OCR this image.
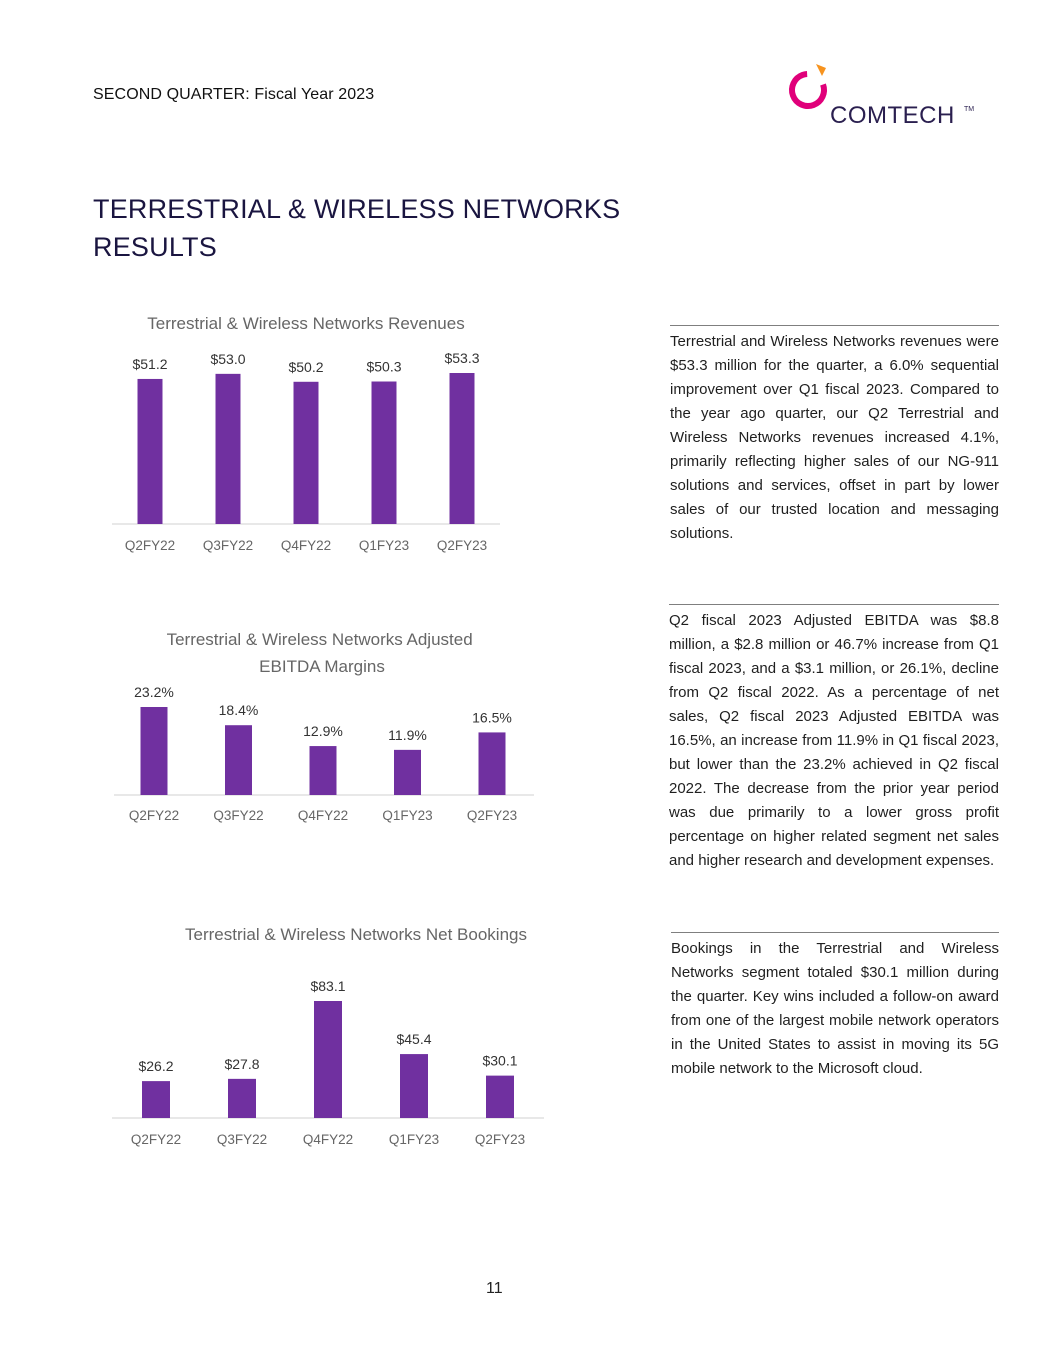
SECOND QUARTER: Fiscal Year 2023
COMTECH TM
TERRESTRIAL & WIRELESS NETWORKS RESULTS
Terrestrial & Wireless Networks Revenues
$51.2
Q2FY22
$53.0
Q3FY22
$50.2
Q4FY22
$50.3
Q1FY23
$53.3
Q2FY23
Terrestrial & Wireless Networks Adjusted EBITDA Margins
23.2%
Q2FY22
18.4%
Q3FY22
12.9%
Q4FY22
11.9%
Q1FY23
16.5%
Q2FY23
Terrestrial & Wireless Networks Net Bookings
$26.2
Q2FY22
$27.8
Q3FY22
$83.1
Q4FY22
$45.4
Q1FY23
$30.1
Q2FY23
Terrestrial and Wireless Networks revenues were $53.3 million for the quarter, a 6.0% sequential improvement over Q1 fiscal 2023. Compared to the year ago quarter, our Q2 Terrestrial and Wireless Networks revenues increased 4.1%, primarily reflecting higher sales of our NG-911 solutions and services, offset in part by lower sales of our trusted location and messaging solutions.
Q2 fiscal 2023 Adjusted EBITDA was $8.8 million, a $2.8 million or 46.7% increase from Q1 fiscal 2023, and a $3.1 million, or 26.1%, decline from Q2 fiscal 2022. As a percentage of net sales, Q2 fiscal 2023 Adjusted EBITDA was 16.5%, an increase from 11.9% in Q1 fiscal 2023, but lower than the 23.2% achieved in Q2 fiscal 2022. The decrease from the prior year period was due primarily to a lower gross profit percentage on higher related segment net sales and higher research and development expenses.
Bookings in the Terrestrial and Wireless Networks segment totaled $30.1 million during the quarter. Key wins included a follow-on award from one of the largest mobile network operators in the United States to assist in moving its 5G mobile network to the Microsoft cloud.
11
